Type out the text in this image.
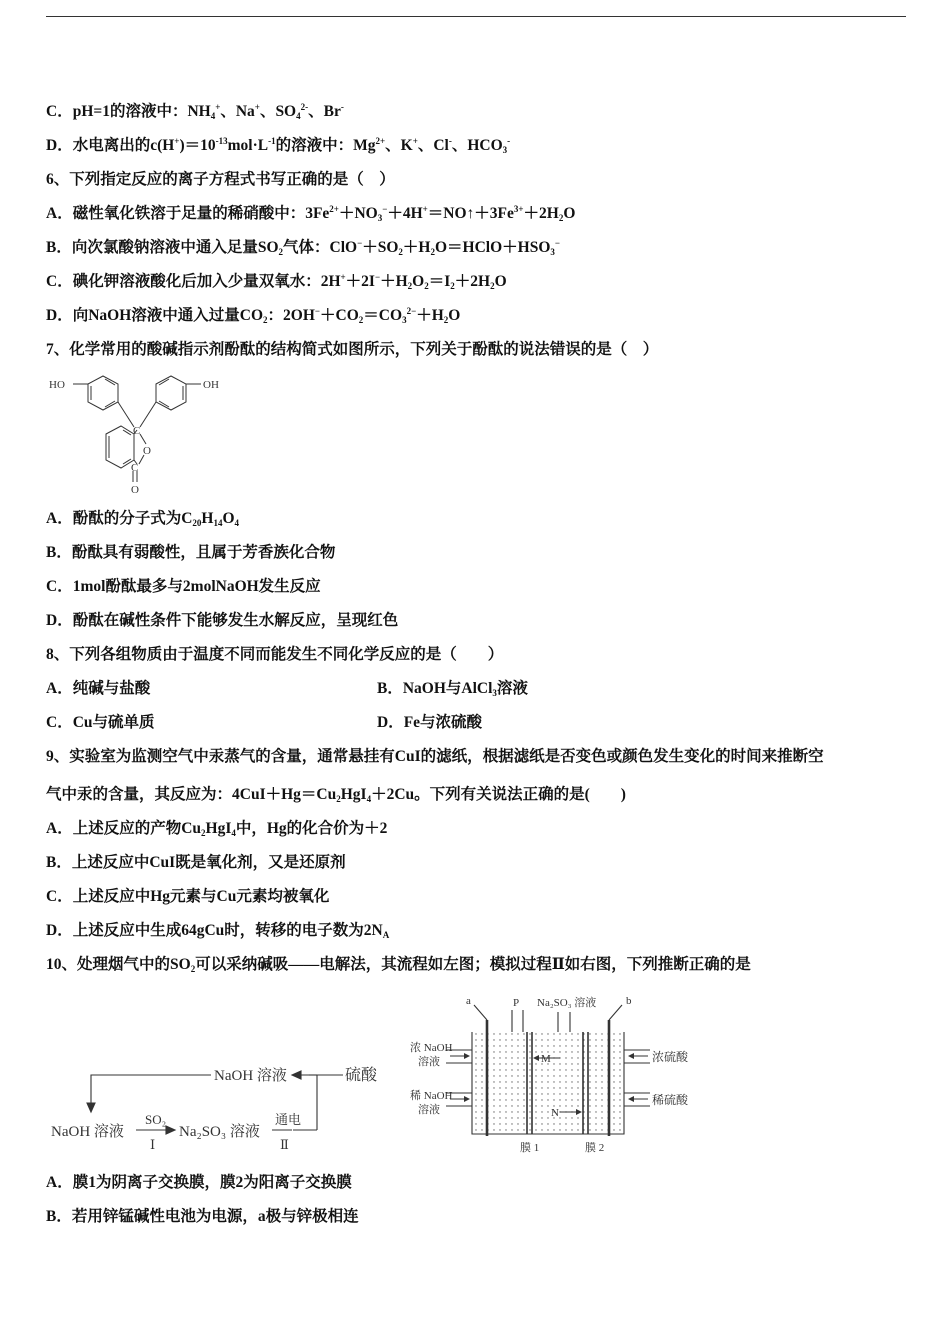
C．pH=1的溶液中：$NH_4^+$、Na+、$SO_4^{2-}$、Br-
D．水电离出的$c(H^+)=10^{-13}mol\cdot L^{-1}$的溶液中：$Mg^{2+}$、K+、Cl-、$HCO_3^-$
6、下列指定反应的离子方程式书写正确的是（　）
A．磁性氧化铁溶于足量的稀硝酸中：$3Fe^{2+}+NO_3^-+4H^+=NO↑+3Fe^{3+}+2H_2O$
B．向次氯酸钠溶液中通入足量$SO_2$气体：$ClO^-+SO_2+H_2O=HClO+HSO_3^-$
C．碘化钾溶液酸化后加入少量双氧水：$2H^++2I^-+H_2O_2=I_2+2H_2O$
D．向NaOH溶液中通入过量$CO_2$：$2OH^-+CO_2=CO_3^{2-}+H_2O$
7、化学常用的酸碱指示剂酚酞的结构简式如图所示，下列关于酚酞的说法错误的是（　）
HO	OH
C
O
C
O
A．酚酞的分子式为$C_{20}H_{14}O_4$
B．酚酞具有弱酸性，且属于芳香族化合物
C．1mol酚酞最多与2molNaOH发生反应
D．酚酞在碱性条件下能够发生水解反应，呈现红色
8、下列各组物质由于温度不同而能发生不同化学反应的是（　　）
A．纯碱与盐酸	B．NaOH与AlCl$_3$溶液
C．Cu与硫单质	D．Fe与浓硫酸
9、实验室为监测空气中汞蒸气的含量，通常悬挂有CuI的滤纸，根据滤纸是否变色或颜色发生变化的时间来推断空
气中汞的含量，其反应为：$4CuI+Hg=Cu_2HgI_4+2Cu$。下列有关说法正确的是(　　)
A．上述反应的产物$Cu_2HgI_4$中，Hg的化合价为＋2
B．上述反应中CuI既是氧化剂，又是还原剂
C．上述反应中Hg元素与Cu元素均被氧化
D．上述反应中生成64gCu时，转移的电子数为$2N_A$
10、处理烟气中的$SO_2$可以采纳碱吸——电解法，其流程如左图；模拟过程Ⅱ如右图，下列推断正确的是
NaOH 溶液	硫酸
NaOH 溶液
SO₂
Ⅰ
Na₂SO₃ 溶液
通电
Ⅱ
a	b
P Na₂SO₃ 溶液
浓 NaOH
溶液
稀 NaOH
溶液
浓硫酸
稀硫酸
M
N
膜 1	膜 2
A．膜1为阴离子交换膜，膜2为阳离子交换膜
B．若用锌锰碱性电池为电源，a极与锌极相连
